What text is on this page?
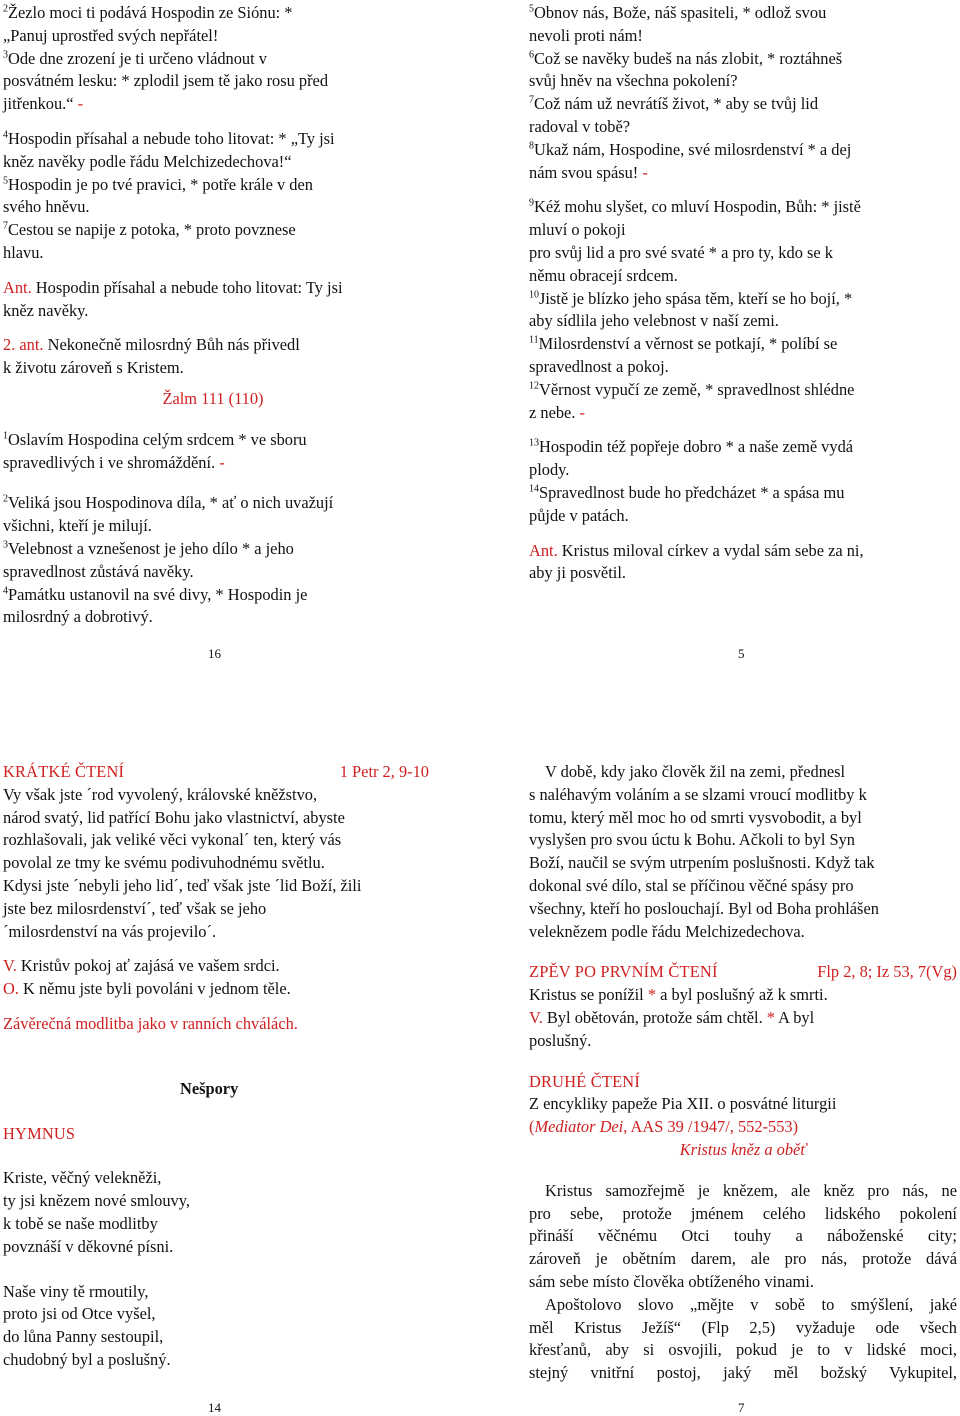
$^2$Žezlo moci ti podává Hospodin ze Siónu: *

„Panuj uprostřed svých nepřátel!

$^3$Ode dne zrození je ti určeno vládnout v

posvátném lesku: * zplodil jsem tě jako rosu před

jitřenkou.“ -

$^4$Hospodin přísahal a nebude toho litovat: * „Ty jsi

kněz navěky podle řádu Melchizedechova!“

$^5$Hospodin je po tvé pravici, * potře krále v den

svého hněvu.

$^7$Cestou se napije z potoka, * proto povznese

hlavu.

Ant. Hospodin přísahal a nebude toho litovat: Ty jsi

kněz navěky.

2. ant. Nekonečně milosrdný Bůh nás přivedl

k životu zároveň s Kristem.

Žalm 111 (110)

$^1$Oslavím Hospodina celým srdcem * ve sboru

spravedlivých i ve shromáždění. -

$^2$Veliká jsou Hospodinova díla, * ať o nich uvažují

všichni, kteří je milují.

$^3$Velebnost a vznešenost je jeho dílo * a jeho

spravedlnost zůstává navěky.

$^4$Památku ustanovil na své divy, * Hospodin je

milosrdný a dobrotivý.

16

$^5$Obnov nás, Bože, náš spasiteli, * odlož svou

nevoli proti nám!

$^6$Což se navěky budeš na nás zlobit, * roztáhneš

svůj hněv na všechna pokolení?

$^7$Což nám už nevrátíš život, * aby se tvůj lid

radoval v tobě?

$^8$Ukaž nám, Hospodine, své milosrdenství * a dej

nám svou spásu! -

$^9$Kéž mohu slyšet, co mluví Hospodin, Bůh: * jistě

mluví o pokoji

pro svůj lid a pro své svaté * a pro ty, kdo se k

němu obracejí srdcem.

$^{10}$Jistě je blízko jeho spása těm, kteří se ho bojí, *

aby sídlila jeho velebnost v naší zemi.

$^{11}$Milosrdenství a věrnost se potkají, * políbí se

spravedlnost a pokoj.

$^{12}$Věrnost vypučí ze země, * spravedlnost shlédne

z nebe. -

$^{13}$Hospodin též popřeje dobro * a naše země vydá

plody.

$^{14}$Spravedlnost bude ho předcházet * a spása mu

půjde v patách.

Ant. Kristus miloval církev a vydal sám sebe za ni,

aby ji posvětil.

5
KRÁTKÉ ČTENÍ	1 Petr 2, 9-10

Vy však jste ´rod vyvolený, královské kněžstvo,

národ svatý, lid patřící Bohu jako vlastnictví, abyste

rozhlašovali, jak veliké věci vykonal´ ten, který vás

povolal ze tmy ke svému podivuhodnému světlu.

Kdysi jste ´nebyli jeho lid´, teď však jste ´lid Boží, žili

jste bez milosrdenství´, teď však se jeho

´milosrdenství na vás projevilo´.

V. Kristův pokoj ať zajásá ve vašem srdci.

O. K němu jste byli povoláni v jednom těle.

Závěrečná modlitba jako v ranních chválách.

Nešpory

HYMNUS

Kriste, věčný velekněži,

ty jsi knězem nové smlouvy,

k tobě se naše modlitby

povznáší v děkovné písni.

Naše viny tě rmoutily,

proto jsi od Otce vyšel,

do lůna Panny sestoupil,

chudobný byl a poslušný.

14

V době, kdy jako člověk žil na zemi, přednesl

s naléhavým voláním a se slzami vroucí modlitby k

tomu, který měl moc ho od smrti vysvobodit, a byl

vyslyšen pro svou úctu k Bohu. Ačkoli to byl Syn

Boží, naučil se svým utrpením poslušnosti. Když tak

dokonal své dílo, stal se příčinou věčné spásy pro

všechny, kteří ho poslouchají. Byl od Boha prohlášen

veleknězem podle řádu Melchizedechova.

ZPĚV PO PRVNÍM ČTENÍ	Flp 2, 8; Iz 53, 7(Vg)

Kristus se ponížil * a byl poslušný až k smrti.

V. Byl obětován, protože sám chtěl. * A byl

poslušný.

DRUHÉ ČTENÍ

Z encykliky papeže Pia XII. o posvátné liturgii

(Mediator Dei, AAS 39 /1947/, 552-553)

Kristus kněz a oběť

Kristus samozřejmě je knězem, ale kněz pro nás, ne

pro sebe, protože jménem celého lidského pokolení

přináší věčnému Otci touhy a náboženské city;

zároveň je obětním darem, ale pro nás, protože dává

sám sebe místo člověka obtíženého vinami.

Apoštolovo slovo „mějte v sobě to smýšlení, jaké

měl Kristus Ježíš“ (Flp 2,5) vyžaduje ode všech

křesťanů, aby si osvojili, pokud je to v lidské moci,

stejný vnitřní postoj, jaký měl božský Vykupitel,

7
